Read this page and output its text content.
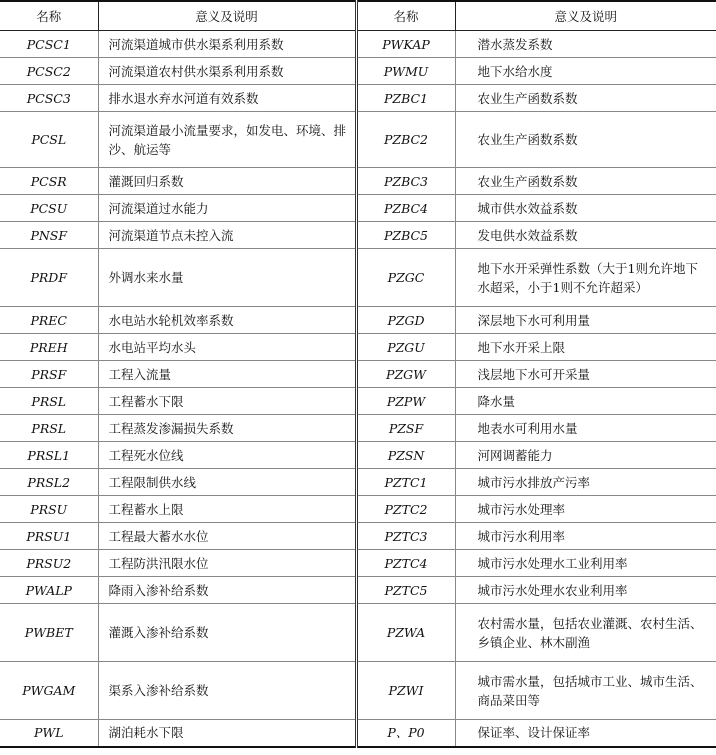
名称	意义及说明	名称	意义及说明
PCSC1	河流渠道城市供水渠系利用系数	PWKAP	潜水蒸发系数
PCSC2	河流渠道农村供水渠系利用系数	PWMU	地下水给水度
PCSC3	排水退水弃水河道有效系数	PZBC1	农业生产函数系数
PCSL	河流渠道最小流量要求，如发电、环境、排沙、航运等	PZBC2	农业生产函数系数
PCSR	灌溉回归系数	PZBC3	农业生产函数系数
PCSU	河流渠道过水能力	PZBC4	城市供水效益系数
PNSF	河流渠道节点未控入流	PZBC5	发电供水效益系数
PRDF	外调水来水量	PZGC	地下水开采弹性系数（大于1则允许地下水超采，小于1则不允许超采）
PREC	水电站水轮机效率系数	PZGD	深层地下水可利用量
PREH	水电站平均水头	PZGU	地下水开采上限
PRSF	工程入流量	PZGW	浅层地下水可开采量
PRSL	工程蓄水下限	PZPW	降水量
PRSL	工程蒸发渗漏损失系数	PZSF	地表水可利用水量
PRSL1	工程死水位线	PZSN	河网调蓄能力
PRSL2	工程限制供水线	PZTC1	城市污水排放产污率
PRSU	工程蓄水上限	PZTC2	城市污水处理率
PRSU1	工程最大蓄水水位	PZTC3	城市污水利用率
PRSU2	工程防洪汛限水位	PZTC4	城市污水处理水工业利用率
PWALP	降雨入渗补给系数	PZTC5	城市污水处理水农业利用率
PWBET	灌溉入渗补给系数	PZWA	农村需水量，包括农业灌溉、农村生活、乡镇企业、林木副渔
PWGAM	渠系入渗补给系数	PZWI	城市需水量，包括城市工业、城市生活、商品菜田等
PWL	湖泊耗水下限	P、P0	保证率、设计保证率
